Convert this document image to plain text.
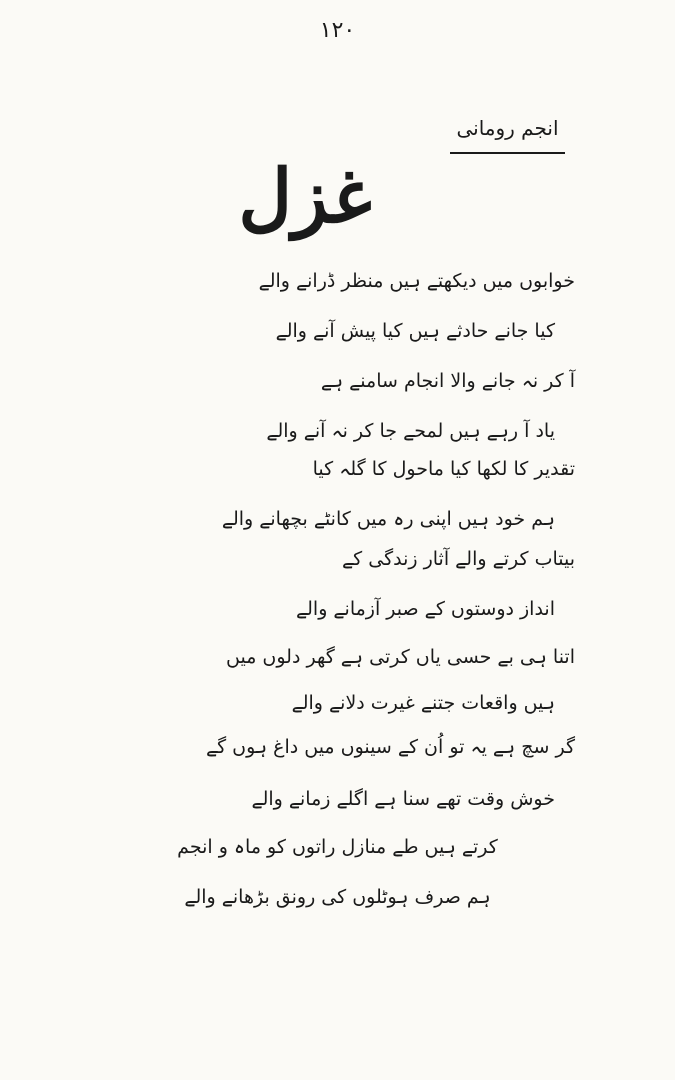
۱۲۰
انجم رومانی
غزل
خوابوں میں دیکھتے ہیں منظر ڈرانے والے
کیا جانے حادثے ہیں کیا پیش آنے والے
آ کر نہ جانے والا انجام سامنے ہے
یاد آ رہے ہیں لمحے جا کر نہ آنے والے
تقدیر کا لکھا کیا ماحول کا گلہ کیا
ہم خود ہیں اپنی رہ میں کانٹے بچھانے والے
بیتاب کرتے والے آثار زندگی کے
انداز دوستوں کے صبر آزمانے والے
اتنا ہی بے حسی یاں کرتی ہے گھر دلوں میں
ہیں واقعات جتنے غیرت دلانے والے
گر سچ ہے یہ تو اُن کے سینوں میں داغ ہوں گے
خوش وقت تھے سنا ہے اگلے زمانے والے
کرتے ہیں طے منازل راتوں کو ماہ و انجم
ہم صرف ہوٹلوں کی رونق بڑھانے والے
